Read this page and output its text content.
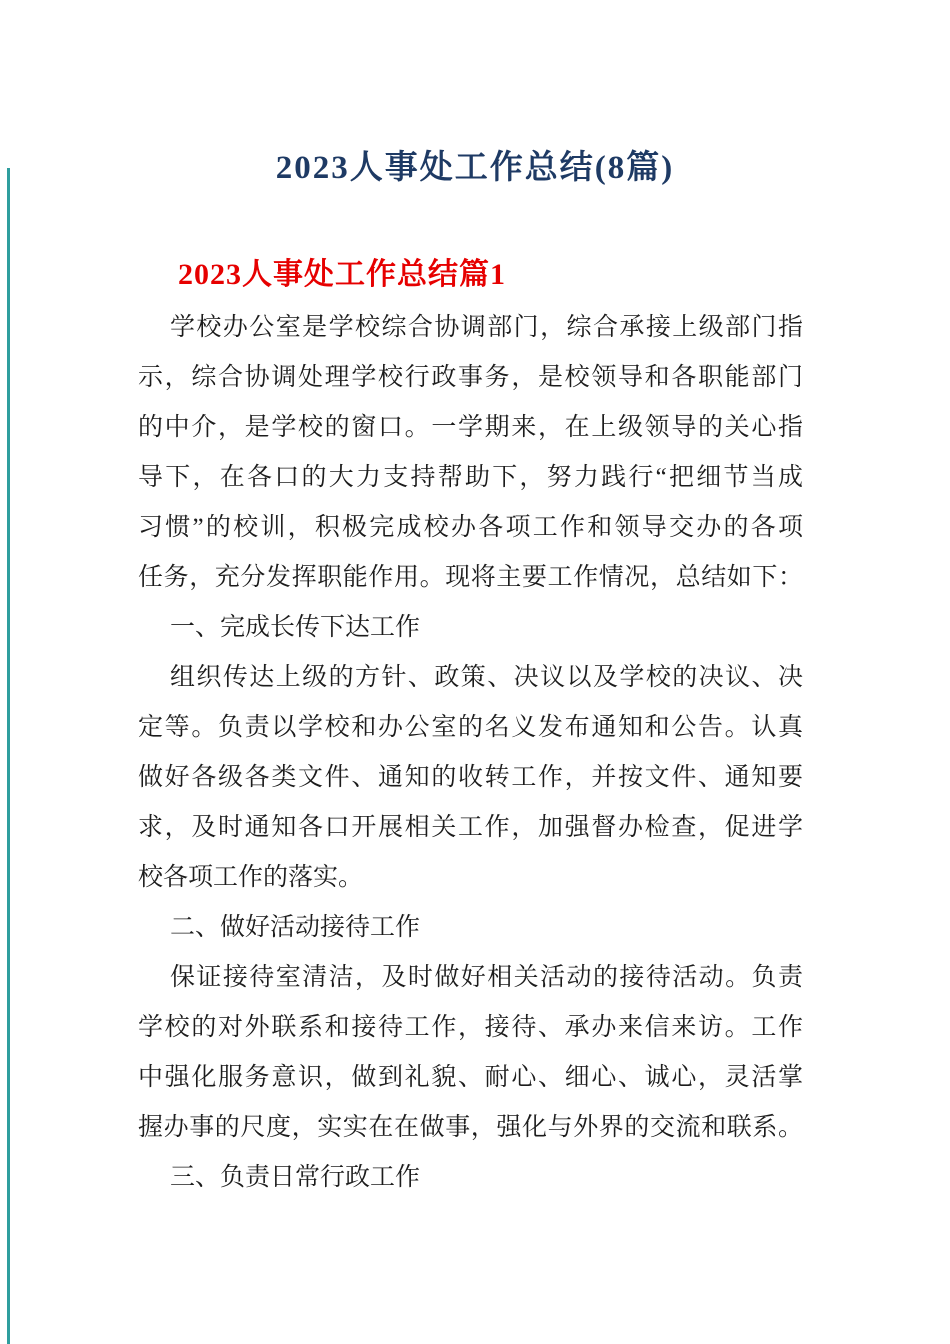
2023人事处工作总结(8篇)
2023人事处工作总结篇1
学校办公室是学校综合协调部门，综合承接上级部门指
示，综合协调处理学校行政事务，是校领导和各职能部门
的中介，是学校的窗口。一学期来，在上级领导的关心指
导下，在各口的大力支持帮助下，努力践行“把细节当成
习惯”的校训，积极完成校办各项工作和领导交办的各项
任务，充分发挥职能作用。现将主要工作情况，总结如下：
一、完成长传下达工作
组织传达上级的方针、政策、决议以及学校的决议、决
定等。负责以学校和办公室的名义发布通知和公告。认真
做好各级各类文件、通知的收转工作，并按文件、通知要
求，及时通知各口开展相关工作，加强督办检查，促进学
校各项工作的落实。
二、做好活动接待工作
保证接待室清洁，及时做好相关活动的接待活动。负责
学校的对外联系和接待工作，接待、承办来信来访。工作
中强化服务意识，做到礼貌、耐心、细心、诚心，灵活掌
握办事的尺度，实实在在做事，强化与外界的交流和联系。
三、负责日常行政工作
